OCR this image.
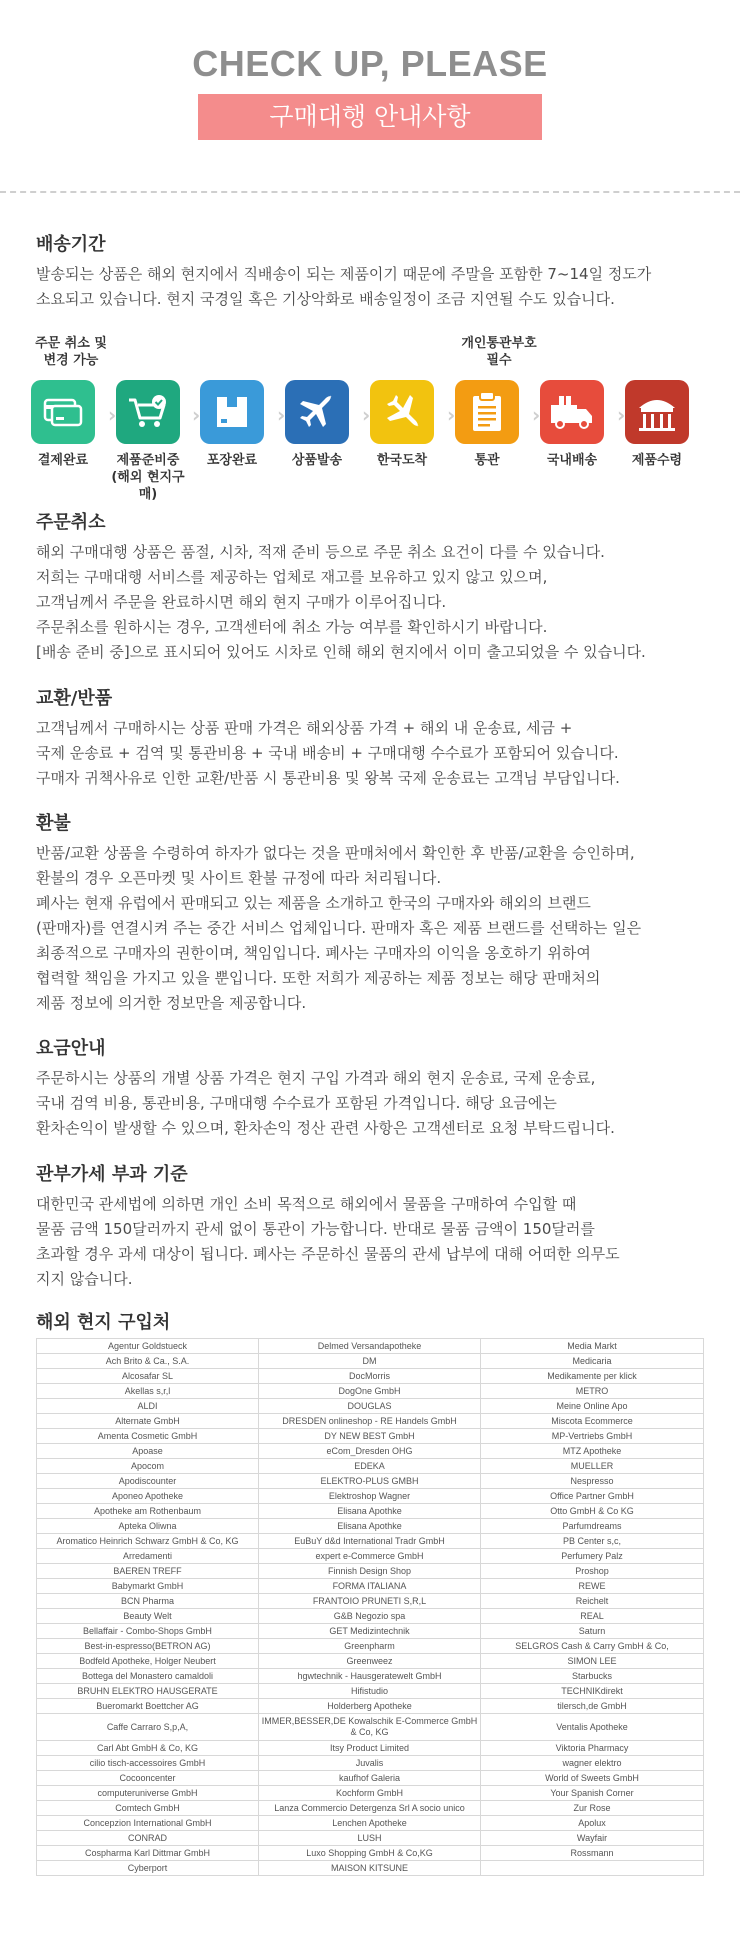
CHECK UP, PLEASE
구매대행 안내사항
배송기간

발송되는 상품은 해외 현지에서 직배송이 되는 제품이기 때문에 주말을 포함한 7~14일 정도가

소요되고 있습니다. 현지 국경일 혹은 기상악화로 배송일정이 조금 지연될 수도 있습니다.

주문 취소 및
변경 가능
개인통관부호
필수
결제완료
›
제품준비중
(해외 현지구매)
›
포장완료
›
상품발송
›
한국도착
›
통관
›
국내배송
›
제품수령
주문취소

해외 구매대행 상품은 품절, 시차, 적재 준비 등으로 주문 취소 요건이 다를 수 있습니다.

저희는 구매대행 서비스를 제공하는 업체로 재고를 보유하고 있지 않고 있으며,

고객님께서 주문을 완료하시면 해외 현지 구매가 이루어집니다.

주문취소를 원하시는 경우, 고객센터에 취소 가능 여부를 확인하시기 바랍니다.

[배송 준비 중]으로 표시되어 있어도 시차로 인해 해외 현지에서 이미 출고되었을 수 있습니다.

교환/반품

고객님께서 구매하시는 상품 판매 가격은 해외상품 가격 + 해외 내 운송료, 세금 +

국제 운송료 + 검역 및 통관비용 + 국내 배송비 + 구매대행 수수료가 포함되어 있습니다.

구매자 귀책사유로 인한 교환/반품 시 통관비용 및 왕복 국제 운송료는 고객님 부담입니다.

환불

반품/교환 상품을 수령하여 하자가 없다는 것을 판매처에서 확인한 후 반품/교환을 승인하며,

환불의 경우 오픈마켓 및 사이트 환불 규정에 따라 처리됩니다.

폐사는 현재 유럽에서 판매되고 있는 제품을 소개하고 한국의 구매자와 해외의 브랜드

(판매자)를 연결시켜 주는 중간 서비스 업체입니다. 판매자 혹은 제품 브랜드를 선택하는 일은

최종적으로 구매자의 권한이며, 책임입니다. 폐사는 구매자의 이익을 옹호하기 위하여

협력할 책임을 가지고 있을 뿐입니다. 또한 저희가 제공하는 제품 정보는 해당 판매처의

제품 정보에 의거한 정보만을 제공합니다.

요금안내

주문하시는 상품의 개별 상품 가격은 현지 구입 가격과 해외 현지 운송료, 국제 운송료,

국내 검역 비용, 통관비용, 구매대행 수수료가 포함된 가격입니다. 해당 요금에는

환차손익이 발생할 수 있으며, 환차손익 정산 관련 사항은 고객센터로 요청 부탁드립니다.

관부가세 부과 기준

대한민국 관세법에 의하면 개인 소비 목적으로 해외에서 물품을 구매하여 수입할 때

물품 금액 150달러까지 관세 없이 통관이 가능합니다. 반대로 물품 금액이 150달러를

초과할 경우 과세 대상이 됩니다. 폐사는 주문하신 물품의 관세 납부에 대해 어떠한 의무도

지지 않습니다.

해외 현지 구입처
Agentur Goldstueck	Delmed Versandapotheke	Media Markt
Ach Brito & Ca., S.A.	DM	Medicaria
Alcosafar SL	DocMorris	Medikamente per klick
Akellas s,r,l	DogOne GmbH	METRO
ALDI	DOUGLAS	Meine Online Apo
Alternate GmbH	DRESDEN onlineshop - RE Handels GmbH	Miscota Ecommerce
Amenta Cosmetic GmbH	DY NEW BEST GmbH	MP-Vertriebs GmbH
Apoase	eCom_Dresden OHG	MTZ Apotheke
Apocom	EDEKA	MUELLER
Apodiscounter	ELEKTRO-PLUS GMBH	Nespresso
Aponeo Apotheke	Elektroshop Wagner	Office Partner GmbH
Apotheke am Rothenbaum	Elisana Apothke	Otto GmbH & Co KG
Apteka Oliwna	Elisana Apothke	Parfumdreams
Aromatico Heinrich Schwarz GmbH & Co, KG	EuBuY d&d International Tradr GmbH	PB Center s,c,
Arredamenti	expert e-Commerce GmbH	Perfumery Palz
BAEREN TREFF	Finnish Design Shop	Proshop
Babymarkt GmbH	FORMA ITALIANA	REWE
BCN Pharma	FRANTOIO PRUNETI S,R,L	Reichelt
Beauty Welt	G&B Negozio spa	REAL
Bellaffair - Combo-Shops GmbH	GET Medizintechnik	Saturn
Best-in-espresso(BETRON AG)	Greenpharm	SELGROS Cash & Carry GmbH & Co,
Bodfeld Apotheke, Holger Neubert	Greenweez	SIMON LEE
Bottega del Monastero camaldoli	hgwtechnik - Hausgeratewelt GmbH	Starbucks
BRUHN ELEKTRO HAUSGERATE	Hifistudio	TECHNIKdirekt
Bueromarkt Boettcher AG	Holderberg Apotheke	tilersch,de GmbH
Caffe Carraro S,p,A,	IMMER,BESSER,DE Kowalschik E-Commerce GmbH & Co, KG	Ventalis Apotheke
Carl Abt GmbH & Co, KG	Itsy Product Limited	Viktoria Pharmacy
cilio tisch-accessoires GmbH	Juvalis	wagner elektro
Cocooncenter	kaufhof Galeria	World of Sweets GmbH
computeruniverse GmbH	Kochform GmbH	Your Spanish Corner
Comtech GmbH	Lanza Commercio Detergenza Srl A socio unico	Zur Rose
Concepzion International GmbH	Lenchen Apotheke	Apolux
CONRAD	LUSH	Wayfair
Cospharma Karl Dittmar GmbH	Luxo Shopping GmbH & Co,KG	Rossmann
Cyberport	MAISON KITSUNE	
